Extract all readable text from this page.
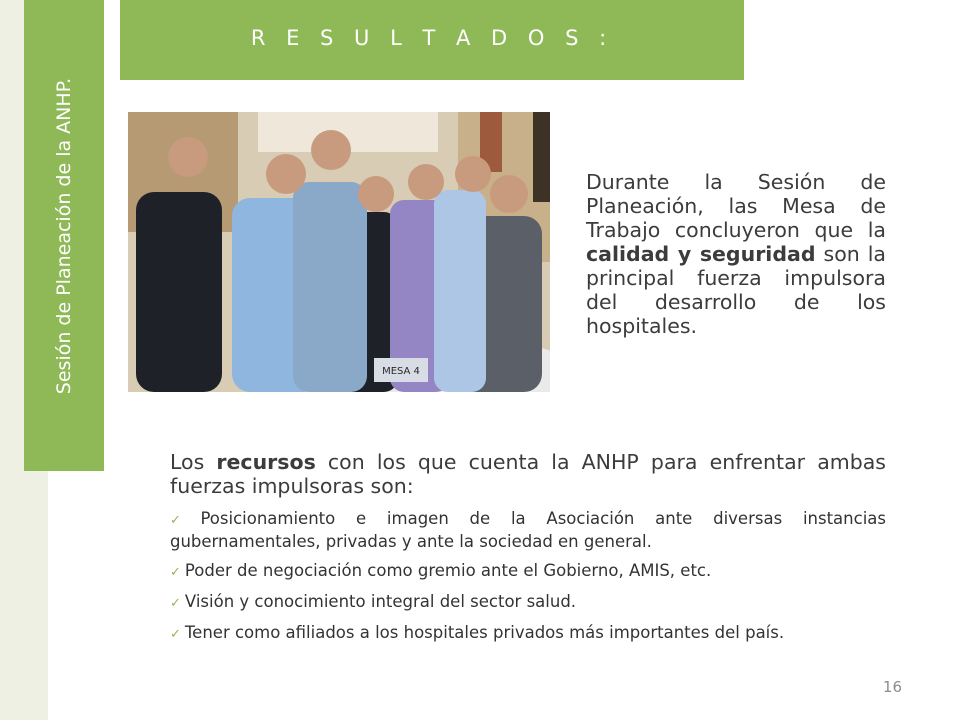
Sesión de Planeación de la ANHP.
R E S U L T A D O S :
MESA 4
Durante la Sesión de Planeación, las Mesa de Trabajo concluyeron que la calidad y seguridad son la principal fuerza impulsora del desarrollo de los hospitales.
Los recursos con los que cuenta la ANHP para enfrentar ambas fuerzas impulsoras son:
✓ Posicionamiento e imagen de la Asociación ante diversas instancias gubernamentales, privadas y ante la sociedad en general.
✓ Poder de negociación como gremio ante el Gobierno, AMIS, etc.
✓ Visión y conocimiento integral del sector salud.
✓ Tener como afiliados a los hospitales privados más importantes del país.
16
